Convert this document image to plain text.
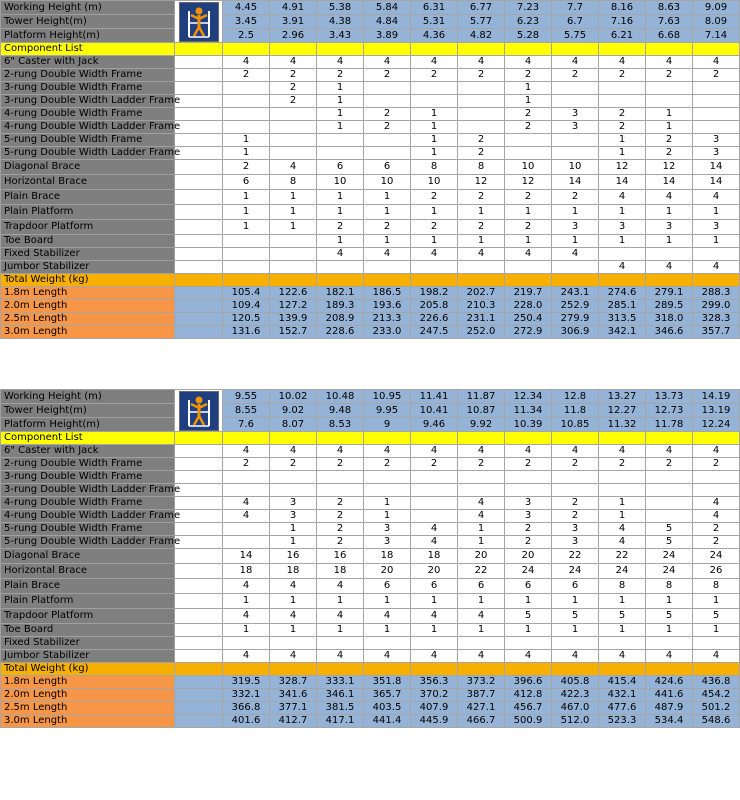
Working Height (m)		4.45	4.91	5.38	5.84	6.31	6.77	7.23	7.7	8.16	8.63	9.09
Tower Height(m)		3.45	3.91	4.38	4.84	5.31	5.77	6.23	6.7	7.16	7.63	8.09
Platform Height(m)		2.5	2.96	3.43	3.89	4.36	4.82	5.28	5.75	6.21	6.68	7.14
Component List												
6" Caster with Jack		4	4	4	4	4	4	4	4	4	4	4
2-rung Double Width Frame		2	2	2	2	2	2	2	2	2	2	2
3-rung Double Width Frame			2	1				1				
3-rung Double Width Ladder Frame			2	1				1				
4-rung Double Width Frame				1	2	1		2	3	2	1	
4-rung Double Width Ladder Frame				1	2	1		2	3	2	1	
5-rung Double Width Frame		1				1	2			1	2	3
5-rung Double Width Ladder Frame		1				1	2			1	2	3
Diagonal Brace		2	4	6	6	8	8	10	10	12	12	14
Horizontal Brace		6	8	10	10	10	12	12	14	14	14	14
Plain Brace		1	1	1	1	2	2	2	2	4	4	4
Plain Platform		1	1	1	1	1	1	1	1	1	1	1
Trapdoor Platform		1	1	2	2	2	2	2	3	3	3	3
Toe Board				1	1	1	1	1	1	1	1	1
Fixed Stabilizer				4	4	4	4	4	4			
Jumbor Stabilizer										4	4	4
Total Weight (kg)												
1.8m Length		105.4	122.6	182.1	186.5	198.2	202.7	219.7	243.1	274.6	279.1	288.3
2.0m Length		109.4	127.2	189.3	193.6	205.8	210.3	228.0	252.9	285.1	289.5	299.0
2.5m Length		120.5	139.9	208.9	213.3	226.6	231.1	250.4	279.9	313.5	318.0	328.3
3.0m Length		131.6	152.7	228.6	233.0	247.5	252.0	272.9	306.9	342.1	346.6	357.7
Working Height (m)		9.55	10.02	10.48	10.95	11.41	11.87	12.34	12.8	13.27	13.73	14.19
Tower Height(m)		8.55	9.02	9.48	9.95	10.41	10.87	11.34	11.8	12.27	12.73	13.19
Platform Height(m)		7.6	8.07	8.53	9	9.46	9.92	10.39	10.85	11.32	11.78	12.24
Component List												
6" Caster with Jack		4	4	4	4	4	4	4	4	4	4	4
2-rung Double Width Frame		2	2	2	2	2	2	2	2	2	2	2
3-rung Double Width Frame												
3-rung Double Width Ladder Frame												
4-rung Double Width Frame		4	3	2	1		4	3	2	1		4
4-rung Double Width Ladder Frame		4	3	2	1		4	3	2	1		4
5-rung Double Width Frame			1	2	3	4	1	2	3	4	5	2
5-rung Double Width Ladder Frame			1	2	3	4	1	2	3	4	5	2
Diagonal Brace		14	16	16	18	18	20	20	22	22	24	24
Horizontal Brace		18	18	18	20	20	22	24	24	24	24	26
Plain Brace		4	4	4	6	6	6	6	6	8	8	8
Plain Platform		1	1	1	1	1	1	1	1	1	1	1
Trapdoor Platform		4	4	4	4	4	4	5	5	5	5	5
Toe Board		1	1	1	1	1	1	1	1	1	1	1
Fixed Stabilizer												
Jumbor Stabilizer		4	4	4	4	4	4	4	4	4	4	4
Total Weight (kg)												
1.8m Length		319.5	328.7	333.1	351.8	356.3	373.2	396.6	405.8	415.4	424.6	436.8
2.0m Length		332.1	341.6	346.1	365.7	370.2	387.7	412.8	422.3	432.1	441.6	454.2
2.5m Length		366.8	377.1	381.5	403.5	407.9	427.1	456.7	467.0	477.6	487.9	501.2
3.0m Length		401.6	412.7	417.1	441.4	445.9	466.7	500.9	512.0	523.3	534.4	548.6
